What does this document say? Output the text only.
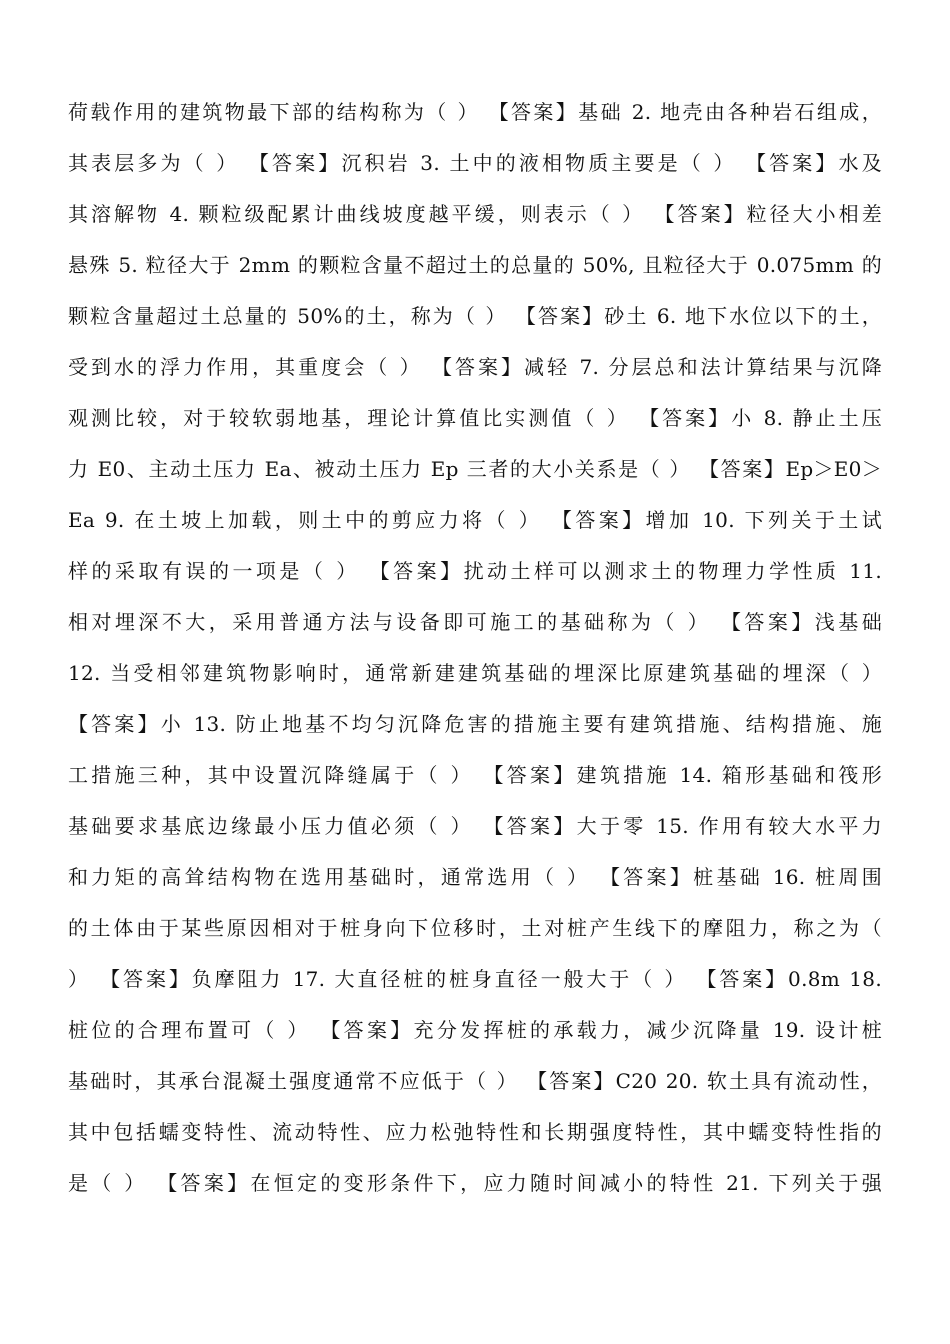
荷载作用的建筑物最下部的结构称为（ ） 【答案】基础 2. 地壳由各种岩石组成，
其表层多为（ ） 【答案】沉积岩 3. 土中的液相物质主要是（ ） 【答案】水及
其溶解物 4. 颗粒级配累计曲线坡度越平缓，则表示（ ） 【答案】粒径大小相差
悬殊 5. 粒径大于 2mm 的颗粒含量不超过土的总量的 50%, 且粒径大于 0.075mm 的
颗粒含量超过土总量的 50%的土，称为（ ） 【答案】砂土 6. 地下水位以下的土，
受到水的浮力作用，其重度会（ ） 【答案】减轻 7. 分层总和法计算结果与沉降
观测比较，对于较软弱地基，理论计算值比实测值（ ） 【答案】小 8. 静止土压
力 E0、主动土压力 Ea、被动土压力 Ep 三者的大小关系是（ ） 【答案】Ep＞E0＞
Ea 9. 在土坡上加载，则土中的剪应力将（ ） 【答案】增加 10. 下列关于土试
样的采取有误的一项是（ ） 【答案】扰动土样可以测求土的物理力学性质 11.
相对埋深不大，采用普通方法与设备即可施工的基础称为（ ） 【答案】浅基础
12. 当受相邻建筑物影响时，通常新建建筑基础的埋深比原建筑基础的埋深（ ）
【答案】小 13. 防止地基不均匀沉降危害的措施主要有建筑措施、结构措施、施
工措施三种，其中设置沉降缝属于（ ） 【答案】建筑措施 14. 箱形基础和筏形
基础要求基底边缘最小压力值必须（ ） 【答案】大于零 15. 作用有较大水平力
和力矩的高耸结构物在选用基础时，通常选用（ ） 【答案】桩基础 16. 桩周围
的土体由于某些原因相对于桩身向下位移时，土对桩产生线下的摩阻力，称之为（
） 【答案】负摩阻力 17. 大直径桩的桩身直径一般大于（ ） 【答案】0.8m 18.
桩位的合理布置可（ ） 【答案】充分发挥桩的承载力，减少沉降量 19. 设计桩
基础时，其承台混凝土强度通常不应低于（ ） 【答案】C20 20. 软土具有流动性，
其中包括蠕变特性、流动特性、应力松弛特性和长期强度特性，其中蠕变特性指的
是（ ） 【答案】在恒定的变形条件下，应力随时间减小的特性 21. 下列关于强
